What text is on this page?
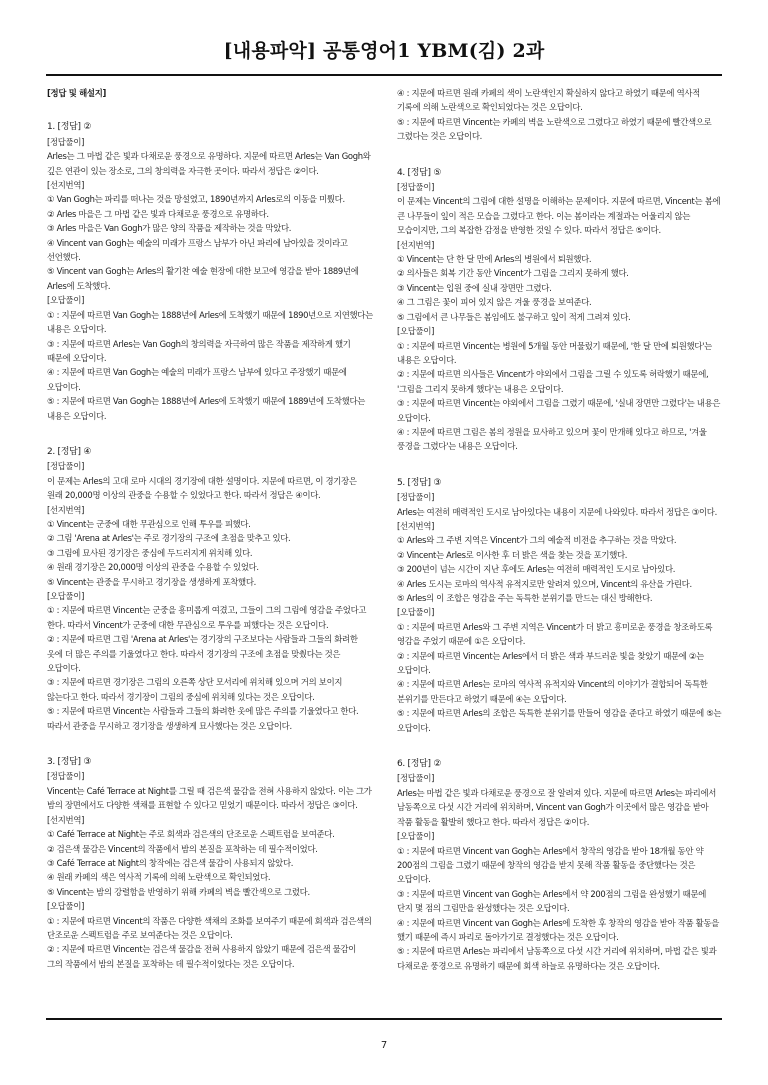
[내용파악] 공통영어1 YBM(김) 2과

[정답 및 해설지]

1. [정답] ②

[정답풀이]

Arles는 그 마법 같은 빛과 다채로운 풍경으로 유명하다. 지문에 따르면 Arles는 Van Gogh와 깊은 연관이 있는 장소로, 그의 창의력을 자극한 곳이다. 따라서 정답은 ②이다.

[선지번역]

① Van Gogh는 파리를 떠나는 것을 망설였고, 1890년까지 Arles로의 이동을 미뤘다.

② Arles 마을은 그 마법 같은 빛과 다채로운 풍경으로 유명하다.

③ Arles 마을은 Van Gogh가 많은 양의 작품을 제작하는 것을 막았다.

④ Vincent van Gogh는 예술의 미래가 프랑스 남부가 아닌 파리에 남아있을 것이라고 선언했다.

⑤ Vincent van Gogh는 Arles의 활기찬 예술 현장에 대한 보고에 영감을 받아 1889년에 Arles에 도착했다.

[오답풀이]

① : 지문에 따르면 Van Gogh는 1888년에 Arles에 도착했기 때문에 1890년으로 지연했다는 내용은 오답이다.

③ : 지문에 따르면 Arles는 Van Gogh의 창의력을 자극하여 많은 작품을 제작하게 했기 때문에 오답이다.

④ : 지문에 따르면 Van Gogh는 예술의 미래가 프랑스 남부에 있다고 주장했기 때문에 오답이다.

⑤ : 지문에 따르면 Van Gogh는 1888년에 Arles에 도착했기 때문에 1889년에 도착했다는 내용은 오답이다.

2. [정답] ④

[정답풀이]

이 문제는 Arles의 고대 로마 시대의 경기장에 대한 설명이다. 지문에 따르면, 이 경기장은 원래 20,000명 이상의 관중을 수용할 수 있었다고 한다. 따라서 정답은 ④이다.

[선지번역]

① Vincent는 군중에 대한 무관심으로 인해 투우를 피했다.

② 그림 'Arena at Arles'는 주로 경기장의 구조에 초점을 맞추고 있다.

③ 그림에 묘사된 경기장은 중심에 두드러지게 위치해 있다.

④ 원래 경기장은 20,000명 이상의 관중을 수용할 수 있었다.

⑤ Vincent는 관중을 무시하고 경기장을 생생하게 포착했다.

[오답풀이]

① : 지문에 따르면 Vincent는 군중을 흥미롭게 여겼고, 그들이 그의 그림에 영감을 주었다고 한다. 따라서 Vincent가 군중에 대한 무관심으로 투우를 피했다는 것은 오답이다.

② : 지문에 따르면 그림 'Arena at Arles'는 경기장의 구조보다는 사람들과 그들의 화려한 옷에 더 많은 주의를 기울였다고 한다. 따라서 경기장의 구조에 초점을 맞췄다는 것은 오답이다.

③ : 지문에 따르면 경기장은 그림의 오른쪽 상단 모서리에 위치해 있으며 거의 보이지 않는다고 한다. 따라서 경기장이 그림의 중심에 위치해 있다는 것은 오답이다.

⑤ : 지문에 따르면 Vincent는 사람들과 그들의 화려한 옷에 많은 주의를 기울였다고 한다. 따라서 관중을 무시하고 경기장을 생생하게 묘사했다는 것은 오답이다.

3. [정답] ③

[정답풀이]

Vincent는 Café Terrace at Night를 그릴 때 검은색 물감을 전혀 사용하지 않았다. 이는 그가 밤의 장면에서도 다양한 색채를 표현할 수 있다고 믿었기 때문이다. 따라서 정답은 ③이다.

[선지번역]

① Café Terrace at Night는 주로 회색과 검은색의 단조로운 스펙트럼을 보여준다.

② 검은색 물감은 Vincent의 작품에서 밤의 본질을 포착하는 데 필수적이었다.

③ Café Terrace at Night의 창작에는 검은색 물감이 사용되지 않았다.

④ 원래 카페의 색은 역사적 기록에 의해 노란색으로 확인되었다.

⑤ Vincent는 밤의 강렬함을 반영하기 위해 카페의 벽을 빨간색으로 그렸다.

[오답풀이]

① : 지문에 따르면 Vincent의 작품은 다양한 색채의 조화를 보여주기 때문에 회색과 검은색의 단조로운 스펙트럼을 주로 보여준다는 것은 오답이다.

② : 지문에 따르면 Vincent는 검은색 물감을 전혀 사용하지 않았기 때문에 검은색 물감이 그의 작품에서 밤의 본질을 포착하는 데 필수적이었다는 것은 오답이다.

④ : 지문에 따르면 원래 카페의 색이 노란색인지 확실하지 않다고 하였기 때문에 역사적 기록에 의해 노란색으로 확인되었다는 것은 오답이다.

⑤ : 지문에 따르면 Vincent는 카페의 벽을 노란색으로 그렸다고 하였기 때문에 빨간색으로 그렸다는 것은 오답이다.

4. [정답] ⑤

[정답풀이]

이 문제는 Vincent의 그림에 대한 설명을 이해하는 문제이다. 지문에 따르면, Vincent는 봄에 큰 나무들이 잎이 적은 모습을 그렸다고 한다. 이는 봄이라는 계절과는 어울리지 않는 모습이지만, 그의 복잡한 감정을 반영한 것일 수 있다. 따라서 정답은 ⑤이다.

[선지번역]

① Vincent는 단 한 달 만에 Arles의 병원에서 퇴원했다.

② 의사들은 회복 기간 동안 Vincent가 그림을 그리지 못하게 했다.

③ Vincent는 입원 중에 실내 장면만 그렸다.

④ 그 그림은 꽃이 피어 있지 않은 겨울 풍경을 보여준다.

⑤ 그림에서 큰 나무들은 봄임에도 불구하고 잎이 적게 그려져 있다.

[오답풀이]

① : 지문에 따르면 Vincent는 병원에 5개월 동안 머물렀기 때문에, '한 달 만에 퇴원했다'는 내용은 오답이다.

② : 지문에 따르면 의사들은 Vincent가 야외에서 그림을 그릴 수 있도록 허락했기 때문에, '그림을 그리지 못하게 했다'는 내용은 오답이다.

③ : 지문에 따르면 Vincent는 야외에서 그림을 그렸기 때문에, '실내 장면만 그렸다'는 내용은 오답이다.

④ : 지문에 따르면 그림은 봄의 정원을 묘사하고 있으며 꽃이 만개해 있다고 하므로, '겨울 풍경을 그렸다'는 내용은 오답이다.

5. [정답] ③

[정답풀이]

Arles는 여전히 매력적인 도시로 남아있다는 내용이 지문에 나와있다. 따라서 정답은 ③이다.

[선지번역]

① Arles와 그 주변 지역은 Vincent가 그의 예술적 비전을 추구하는 것을 막았다.

② Vincent는 Arles로 이사한 후 더 밝은 색을 찾는 것을 포기했다.

③ 200년이 넘는 시간이 지난 후에도 Arles는 여전히 매력적인 도시로 남아있다.

④ Arles 도시는 로마의 역사적 유적지로만 알려져 있으며, Vincent의 유산을 가린다.

⑤ Arles의 이 조합은 영감을 주는 독특한 분위기를 만드는 대신 방해한다.

[오답풀이]

① : 지문에 따르면 Arles와 그 주변 지역은 Vincent가 더 밝고 흥미로운 풍경을 창조하도록 영감을 주었기 때문에 ①은 오답이다.

② : 지문에 따르면 Vincent는 Arles에서 더 밝은 색과 부드러운 빛을 찾았기 때문에 ②는 오답이다.

④ : 지문에 따르면 Arles는 로마의 역사적 유적지와 Vincent의 이야기가 결합되어 독특한 분위기를 만든다고 하였기 때문에 ④는 오답이다.

⑤ : 지문에 따르면 Arles의 조합은 독특한 분위기를 만들어 영감을 준다고 하였기 때문에 ⑤는 오답이다.

6. [정답] ②

[정답풀이]

Arles는 마법 같은 빛과 다채로운 풍경으로 잘 알려져 있다. 지문에 따르면 Arles는 파리에서 남동쪽으로 다섯 시간 거리에 위치하며, Vincent van Gogh가 이곳에서 많은 영감을 받아 작품 활동을 활발히 했다고 한다. 따라서 정답은 ②이다.

[오답풀이]

① : 지문에 따르면 Vincent van Gogh는 Arles에서 창작의 영감을 받아 18개월 동안 약 200점의 그림을 그렸기 때문에 창작의 영감을 받지 못해 작품 활동을 중단했다는 것은 오답이다.

③ : 지문에 따르면 Vincent van Gogh는 Arles에서 약 200점의 그림을 완성했기 때문에 단지 몇 점의 그림만을 완성했다는 것은 오답이다.

④ : 지문에 따르면 Vincent van Gogh는 Arles에 도착한 후 창작의 영감을 받아 작품 활동을 했기 때문에 즉시 파리로 돌아가기로 결정했다는 것은 오답이다.

⑤ : 지문에 따르면 Arles는 파리에서 남동쪽으로 다섯 시간 거리에 위치하며, 마법 같은 빛과 다채로운 풍경으로 유명하기 때문에 회색 하늘로 유명하다는 것은 오답이다.

7
